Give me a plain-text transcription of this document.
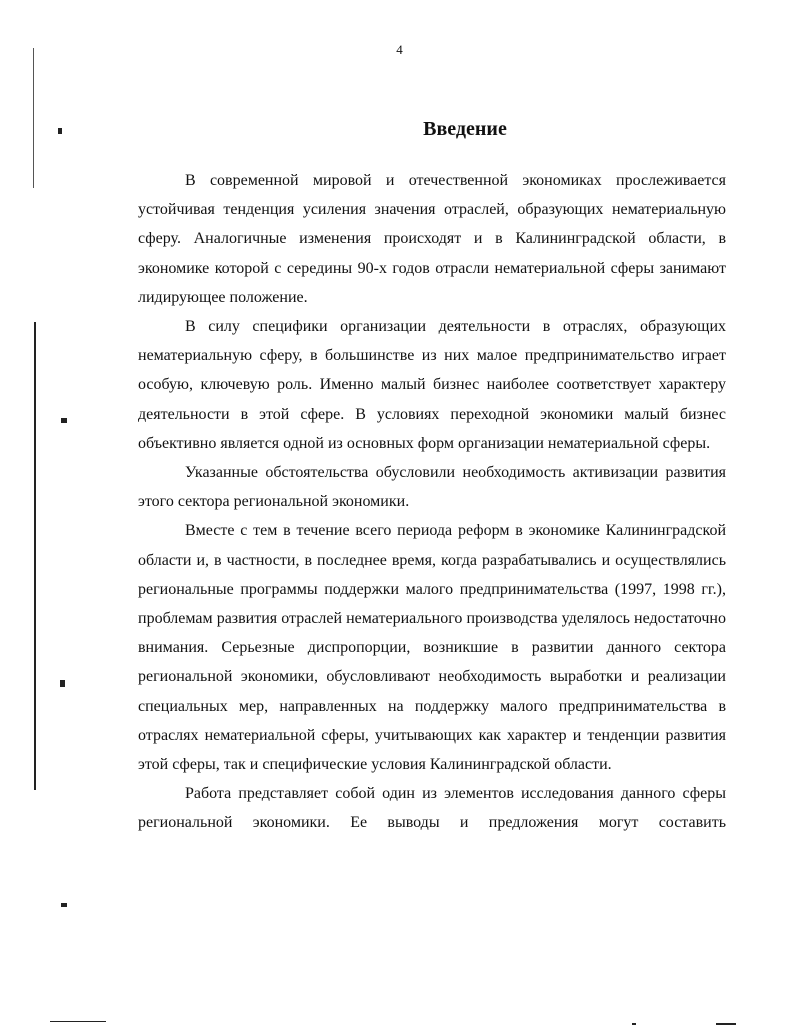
4
Введение

В современной мировой и отечественной экономиках прослеживается устойчивая тенденция усиления значения отраслей, образующих нематериальную сферу. Аналогичные изменения происходят и в Калининградской области, в экономике которой с середины 90-х годов отрасли нематериальной сферы занимают лидирующее положение.

В силу специфики организации деятельности в отраслях, образующих нематериальную сферу, в большинстве из них малое предпринимательство играет особую, ключевую роль. Именно малый бизнес наиболее соответствует характеру деятельности в этой сфере. В условиях переходной экономики малый бизнес объективно является одной из основных форм организации нематериальной сферы.

Указанные обстоятельства обусловили необходимость активизации развития этого сектора региональной экономики.

Вместе с тем в течение всего периода реформ в экономике Калининградской области и, в частности, в последнее время, когда разрабатывались и осуществлялись региональные программы поддержки малого предпринимательства (1997, 1998 гг.), проблемам развития отраслей нематериального производства уделялось недостаточно внимания. Серьезные диспропорции, возникшие в развитии данного сектора региональной экономики, обусловливают необходимость выработки и реализации специальных мер, направленных на поддержку малого предпринимательства в отраслях нематериальной сферы, учитывающих как характер и тенденции развития этой сферы, так и специфические условия Калининградской области.

Работа представляет собой один из элементов исследования данного сферы региональной экономики. Ее выводы и предложения могут составить
